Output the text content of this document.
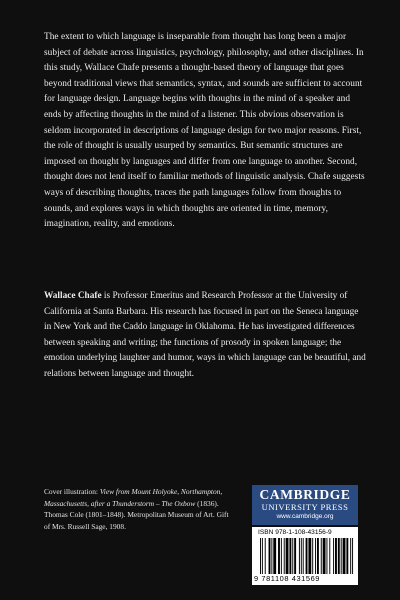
The extent to which language is inseparable from thought has long been a major subject of debate across linguistics, psychology, philosophy, and other disciplines. In this study, Wallace Chafe presents a thought-based theory of language that goes beyond traditional views that semantics, syntax, and sounds are sufficient to account for language design. Language begins with thoughts in the mind of a speaker and ends by affecting thoughts in the mind of a listener. This obvious observation is seldom incorporated in descriptions of language design for two major reasons. First, the role of thought is usually usurped by semantics. But semantic structures are imposed on thought by languages and differ from one language to another. Second, thought does not lend itself to familiar methods of linguistic analysis. Chafe suggests ways of describing thoughts, traces the path languages follow from thoughts to sounds, and explores ways in which thoughts are oriented in time, memory, imagination, reality, and emotions.

Wallace Chafe is Professor Emeritus and Research Professor at the University of California at Santa Barbara. His research has focused in part on the Seneca language in New York and the Caddo language in Oklahoma. He has investigated differences between speaking and writing; the functions of prosody in spoken language; the emotion underlying laughter and humor, ways in which language can be beautiful, and relations between language and thought.

Cover illustration: View from Mount Holyoke, Northampton, Massachusetts, after a Thunderstorm – The Oxbow (1836). Thomas Cole (1801–1848). Metropolitan Museum of Art. Gift of Mrs. Russell Sage, 1908.

CAMBRIDGE
UNIVERSITY PRESS
www.cambridge.org
ISBN 978-1-108-43156-9
9 781108 431569
